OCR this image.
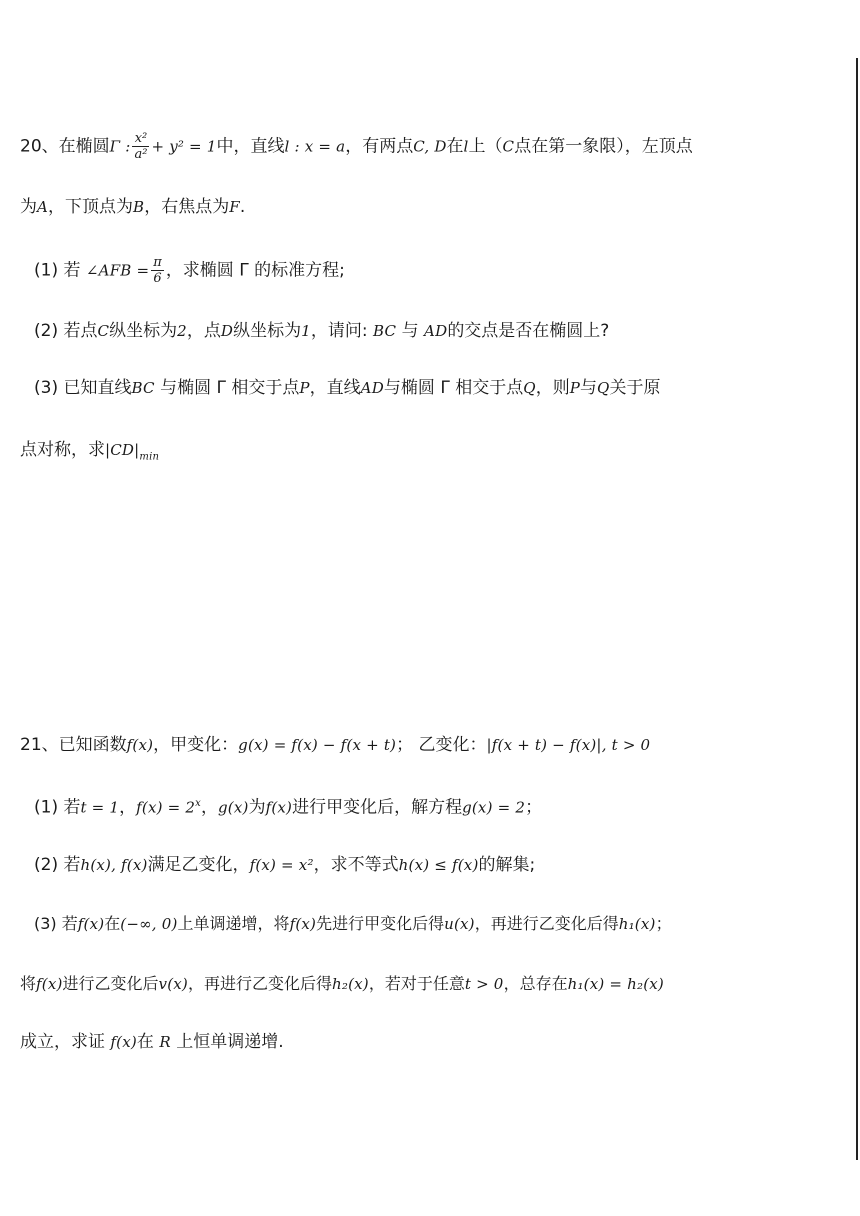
20、在椭圆Γ : $\frac{\text{x²}}{\text{a²}} + y^2 = 1$中，直线l : x = a，有两点C, D在l上（C点在第一象限），左顶点
为A，下顶点为B，右焦点为F.
(1) 若 ∠AFB = $\frac{\pi}{6}$ ，求椭圆 Γ 的标准方程;
(2) 若点C纵坐标为2，点D纵坐标为1，请问: BC 与 AD的交点是否在椭圆上?
(3) 已知直线BC 与椭圆 Γ 相交于点P，直线AD与椭圆 Γ 相交于点Q，则P与Q关于原
点对称，求$|CD|_{min}$
21、已知函数f(x)，甲变化：g(x) = f(x) − f(x + t)； 乙变化：|f(x + t) − f(x)|, t > 0
(1) 若t = 1，$f(x) = 2^x$，g(x)为f(x)进行甲变化后，解方程g(x) = 2；
(2) 若h(x), f(x)满足乙变化，f(x) = x²，求不等式h(x) ≤ f(x)的解集;
(3) 若f(x)在(−∞, 0)上单调递增，将f(x)先进行甲变化后得u(x)，再进行乙变化后得h₁(x)；
将f(x)进行乙变化后v(x)，再进行乙变化后得h₂(x)，若对于任意t > 0，总存在h₁(x) = h₂(x)
成立，求证 f(x)在 R 上恒单调递增.
